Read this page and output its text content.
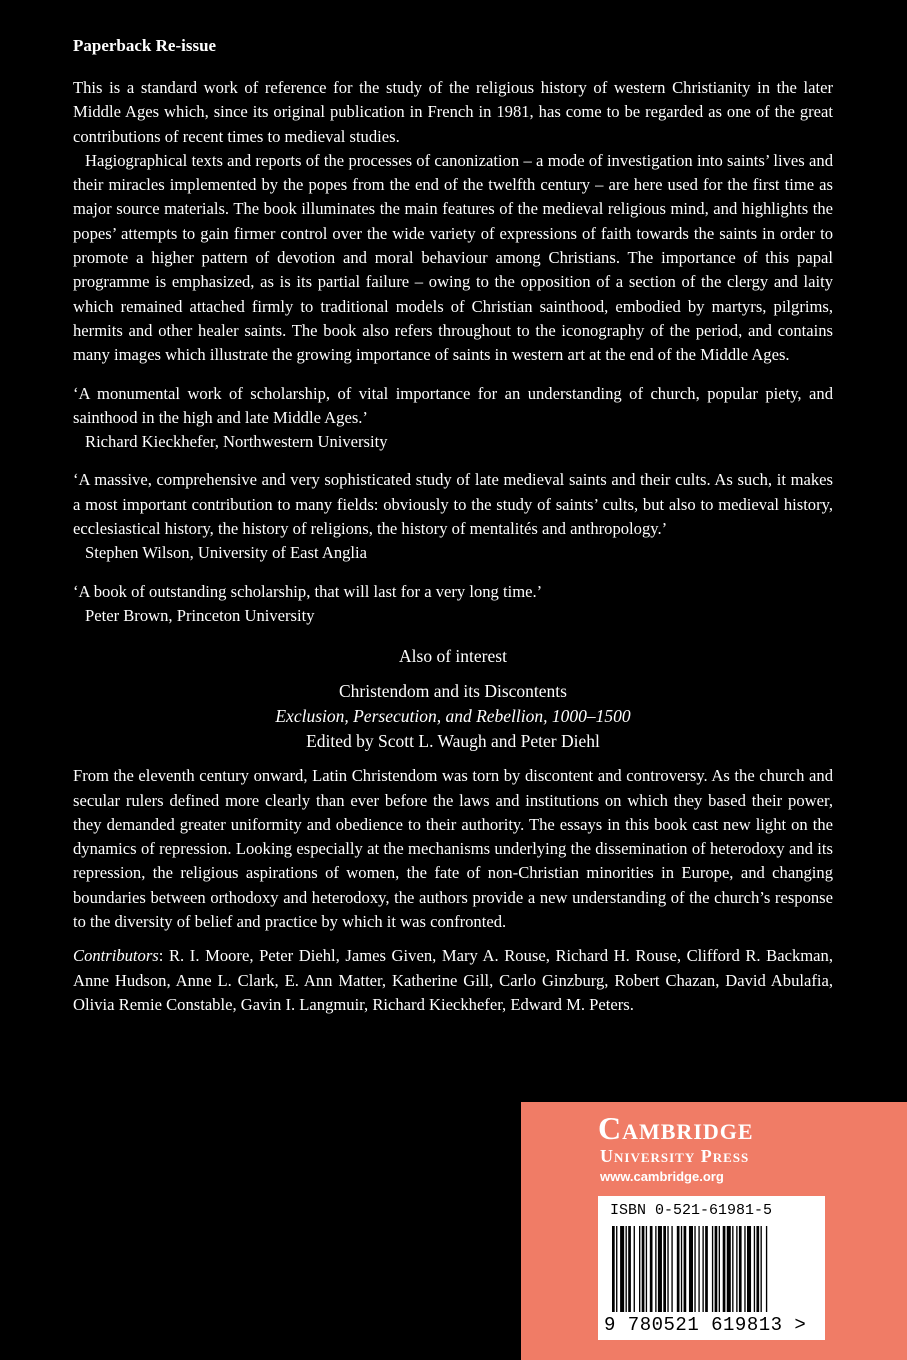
Paperback Re-issue

This is a standard work of reference for the study of the religious history of western Christianity in the later Middle Ages which, since its original publication in French in 1981, has come to be regarded as one of the great contributions of recent times to medieval studies.

Hagiographical texts and reports of the processes of canonization – a mode of investigation into saints’ lives and their miracles implemented by the popes from the end of the twelfth century – are here used for the first time as major source materials. The book illuminates the main features of the medieval religious mind, and highlights the popes’ attempts to gain firmer control over the wide variety of expressions of faith towards the saints in order to promote a higher pattern of devotion and moral behaviour among Christians. The importance of this papal programme is emphasized, as is its partial failure – owing to the opposition of a section of the clergy and laity which remained attached firmly to traditional models of Christian sainthood, embodied by martyrs, pilgrims, hermits and other healer saints. The book also refers throughout to the iconography of the period, and contains many images which illustrate the growing importance of saints in western art at the end of the Middle Ages.

‘A monumental work of scholarship, of vital importance for an understanding of church, popular piety, and sainthood in the high and late Middle Ages.’

Richard Kieckhefer, Northwestern University

‘A massive, comprehensive and very sophisticated study of late medieval saints and their cults. As such, it makes a most important contribution to many fields: obviously to the study of saints’ cults, but also to medieval history, ecclesiastical history, the history of religions, the history of mentalités and anthropology.’

Stephen Wilson, University of East Anglia

‘A book of outstanding scholarship, that will last for a very long time.’

Peter Brown, Princeton University

Also of interest
Christendom and its Discontents
Exclusion, Persecution, and Rebellion, 1000–1500
Edited by Scott L. Waugh and Peter Diehl

From the eleventh century onward, Latin Christendom was torn by discontent and controversy. As the church and secular rulers defined more clearly than ever before the laws and institutions on which they based their power, they demanded greater uniformity and obedience to their authority. The essays in this book cast new light on the dynamics of repression. Looking especially at the mechanisms underlying the dissemination of heterodoxy and its repression, the religious aspirations of women, the fate of non-Christian minorities in Europe, and changing boundaries between orthodoxy and heterodoxy, the authors provide a new understanding of the church’s response to the diversity of belief and practice by which it was confronted.

Contributors: R. I. Moore, Peter Diehl, James Given, Mary A. Rouse, Richard H. Rouse, Clifford R. Backman, Anne Hudson, Anne L. Clark, E. Ann Matter, Katherine Gill, Carlo Ginzburg, Robert Chazan, David Abulafia, Olivia Remie Constable, Gavin I. Langmuir, Richard Kieckhefer, Edward M. Peters.

Cambridge
University Press
www.cambridge.org
ISBN 0-521-61981-5
9 780521 619813 >
